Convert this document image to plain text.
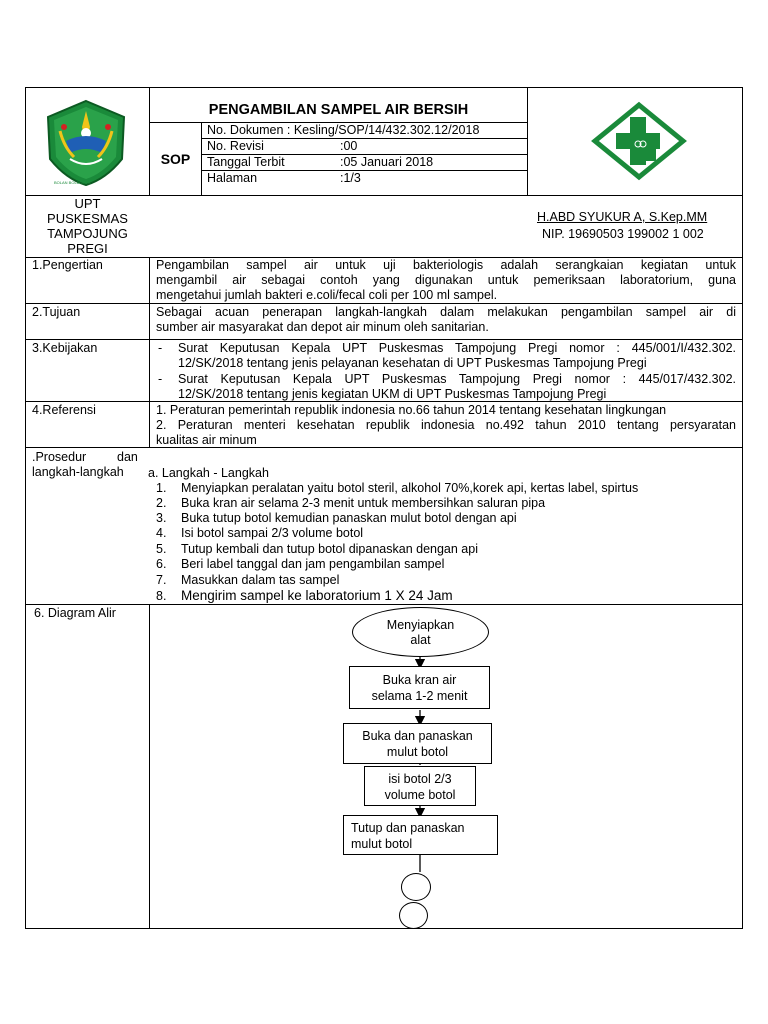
BOLAN BOLBOLOR
PENGAMBILAN SAMPEL AIR BERSIH
SOP
No. Dokumen : Kesling/SOP/14/432.302.12/2018
No. Revisi	:00
Tanggal Terbit	:05 Januari 2018
Halaman	:1/3
UPT
PUSKESMAS
TAMPOJUNG
PREGI
H.ABD SYUKUR A, S.Kep.MM
NIP. 19690503 199002 1 002
1.Pengertian	Pengambilan sampel air untuk uji bakteriologis adalah serangkaian kegiatan untuk
mengambil air sebagai contoh yang digunakan untuk pemeriksaan laboratorium, guna
mengetahui jumlah bakteri e.coli/fecal coli per 100 ml sampel.
2.Tujuan	Sebagai acuan penerapan langkah-langkah dalam melakukan pengambilan sampel air di
sumber air masyarakat dan depot air minum oleh sanitarian.
3.Kebijakan	- Surat Keputusan Kepala UPT Puskesmas Tampojung Pregi nomor : 445/001/I/432.302.
12/SK/2018 tentang jenis pelayanan kesehatan di UPT Puskesmas Tampojung Pregi
- Surat Keputusan Kepala UPT Puskesmas Tampojung Pregi nomor : 445/017/432.302.
12/SK/2018 tentang jenis kegiatan UKM di UPT Puskesmas Tampojung Pregi
4.Referensi	1. Peraturan pemerintah republik indonesia no.66 tahun 2014 tentang kesehatan lingkungan
2. Peraturan menteri kesehatan republik indonesia no.492 tahun 2010 tentang persyaratan
kualitas air minum
.Prosedur dan
langkah-langkah a. Langkah - Langkah
1. Menyiapkan peralatan yaitu botol steril, alkohol 70%,korek api, kertas label, spirtus
2. Buka kran air selama 2-3 menit untuk membersihkan saluran pipa
3. Buka tutup botol kemudian panaskan mulut botol dengan api
4. Isi botol sampai 2/3 volume botol
5. Tutup kembali dan tutup botol dipanaskan dengan api
6. Beri label tanggal dan jam pengambilan sampel
7. Masukkan dalam tas sampel
8. Mengirim sampel ke laboratorium 1 X 24 Jam
6. Diagram Alir
Menyiapkan
alat
Buka kran air
selama 1-2 menit
Buka dan panaskan
mulut botol
isi botol 2/3
volume botol
Tutup dan panaskan
mulut botol
